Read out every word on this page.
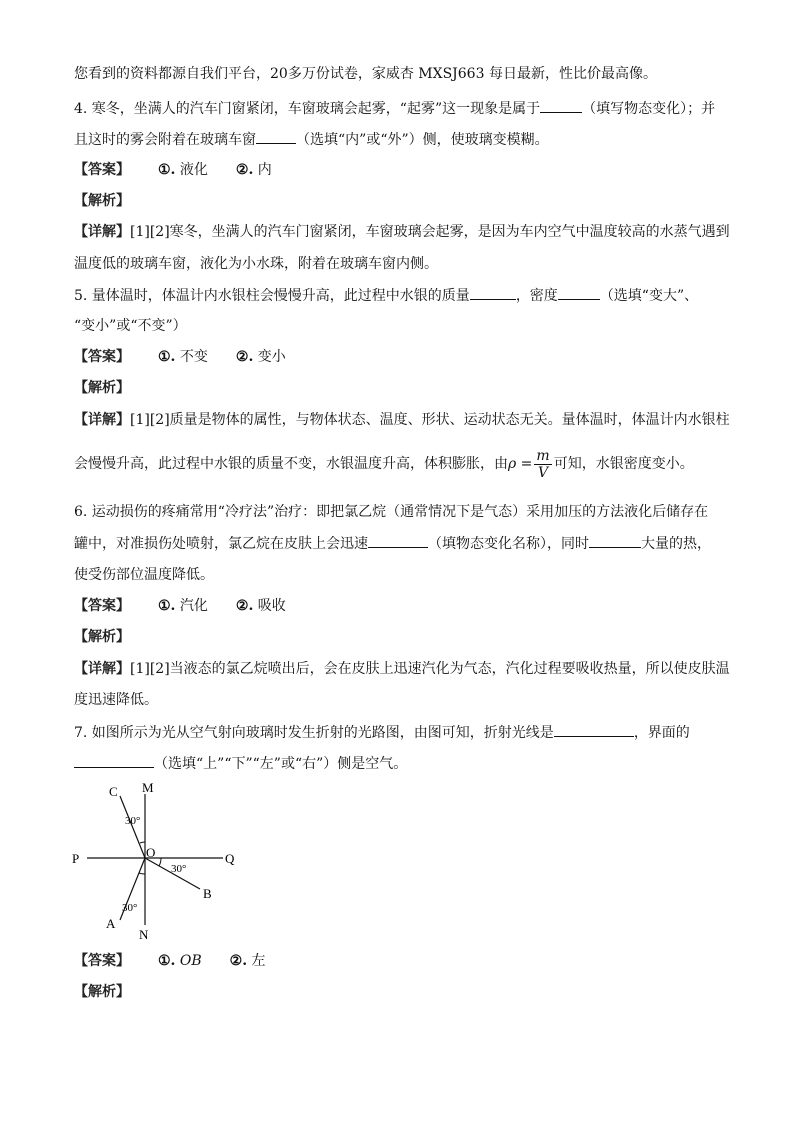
您看到的资料都源自我们平台，20多万份试卷，家威杏 MXSJ663 每日最新，性比价最高像。
4. 寒冬，坐满人的汽车门窗紧闭，车窗玻璃会起雾，“起雾”这一现象是属于	（填写物态变化）；并
且这时的雾会附着在玻璃车窗	（选填“内”或“外”）侧，使玻璃变模糊。
【答案】 ①. 液化 ②. 内
【解析】
【详解】[1][2]寒冬，坐满人的汽车门窗紧闭，车窗玻璃会起雾，是因为车内空气中温度较高的水蒸气遇到
温度低的玻璃车窗，液化为小水珠，附着在玻璃车窗内侧。
5. 量体温时，体温计内水银柱会慢慢升高，此过程中水银的质量	，密度	（选填“变大”、
“变小”或“不变”）
【答案】 ①. 不变 ②. 变小
【解析】
【详解】[1][2]质量是物体的属性，与物体状态、温度、形状、运动状态无关。量体温时，体温计内水银柱
会慢慢升高，此过程中水银的质量不变，水银温度升高，体积膨胀，由$\rho = \frac{m}{V}$ 可知，水银密度变小。
6. 运动损伤的疼痛常用“冷疗法”治疗：即把氯乙烷（通常情况下是气态）采用加压的方法液化后储存在
罐中，对准损伤处喷射，氯乙烷在皮肤上会迅速	（填物态变化名称），同时	大量的热，
使受伤部位温度降低。
【答案】 ①. 汽化 ②. 吸收
【解析】
【详解】[1][2]当液态的氯乙烷喷出后，会在皮肤上迅速汽化为气态，汽化过程要吸收热量，所以使皮肤温
度迅速降低。
7. 如图所示为光从空气射向玻璃时发生折射的光路图，由图可知，折射光线是	，界面的
（选填“上”“下”“左”或“右”）侧是空气。
C M
P	O	Q
B
A
N
30°
30°
30°
【答案】 ①. OB ②. 左
【解析】
